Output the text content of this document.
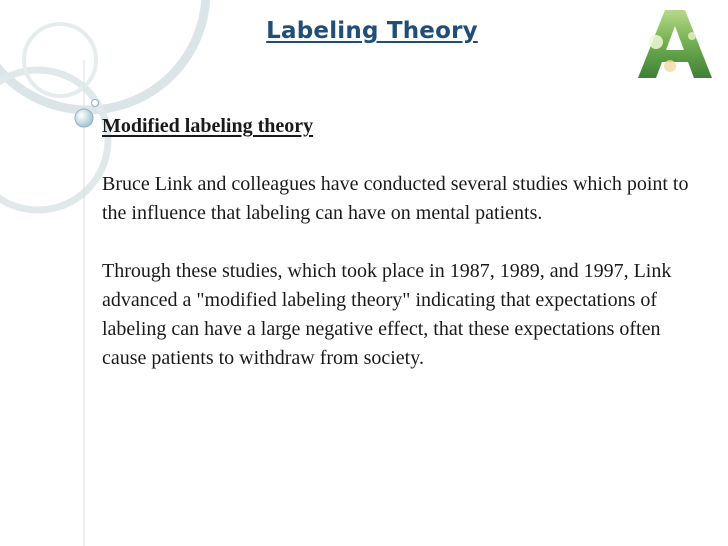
Labeling Theory

Modified labeling theory

Bruce Link and colleagues have conducted several studies which point to the influence that labeling can have on mental patients.

Through these studies, which took place in 1987, 1989, and 1997, Link advanced a "modified labeling theory" indicating that expectations of labeling can have a large negative effect, that these expectations often cause patients to withdraw from society.
